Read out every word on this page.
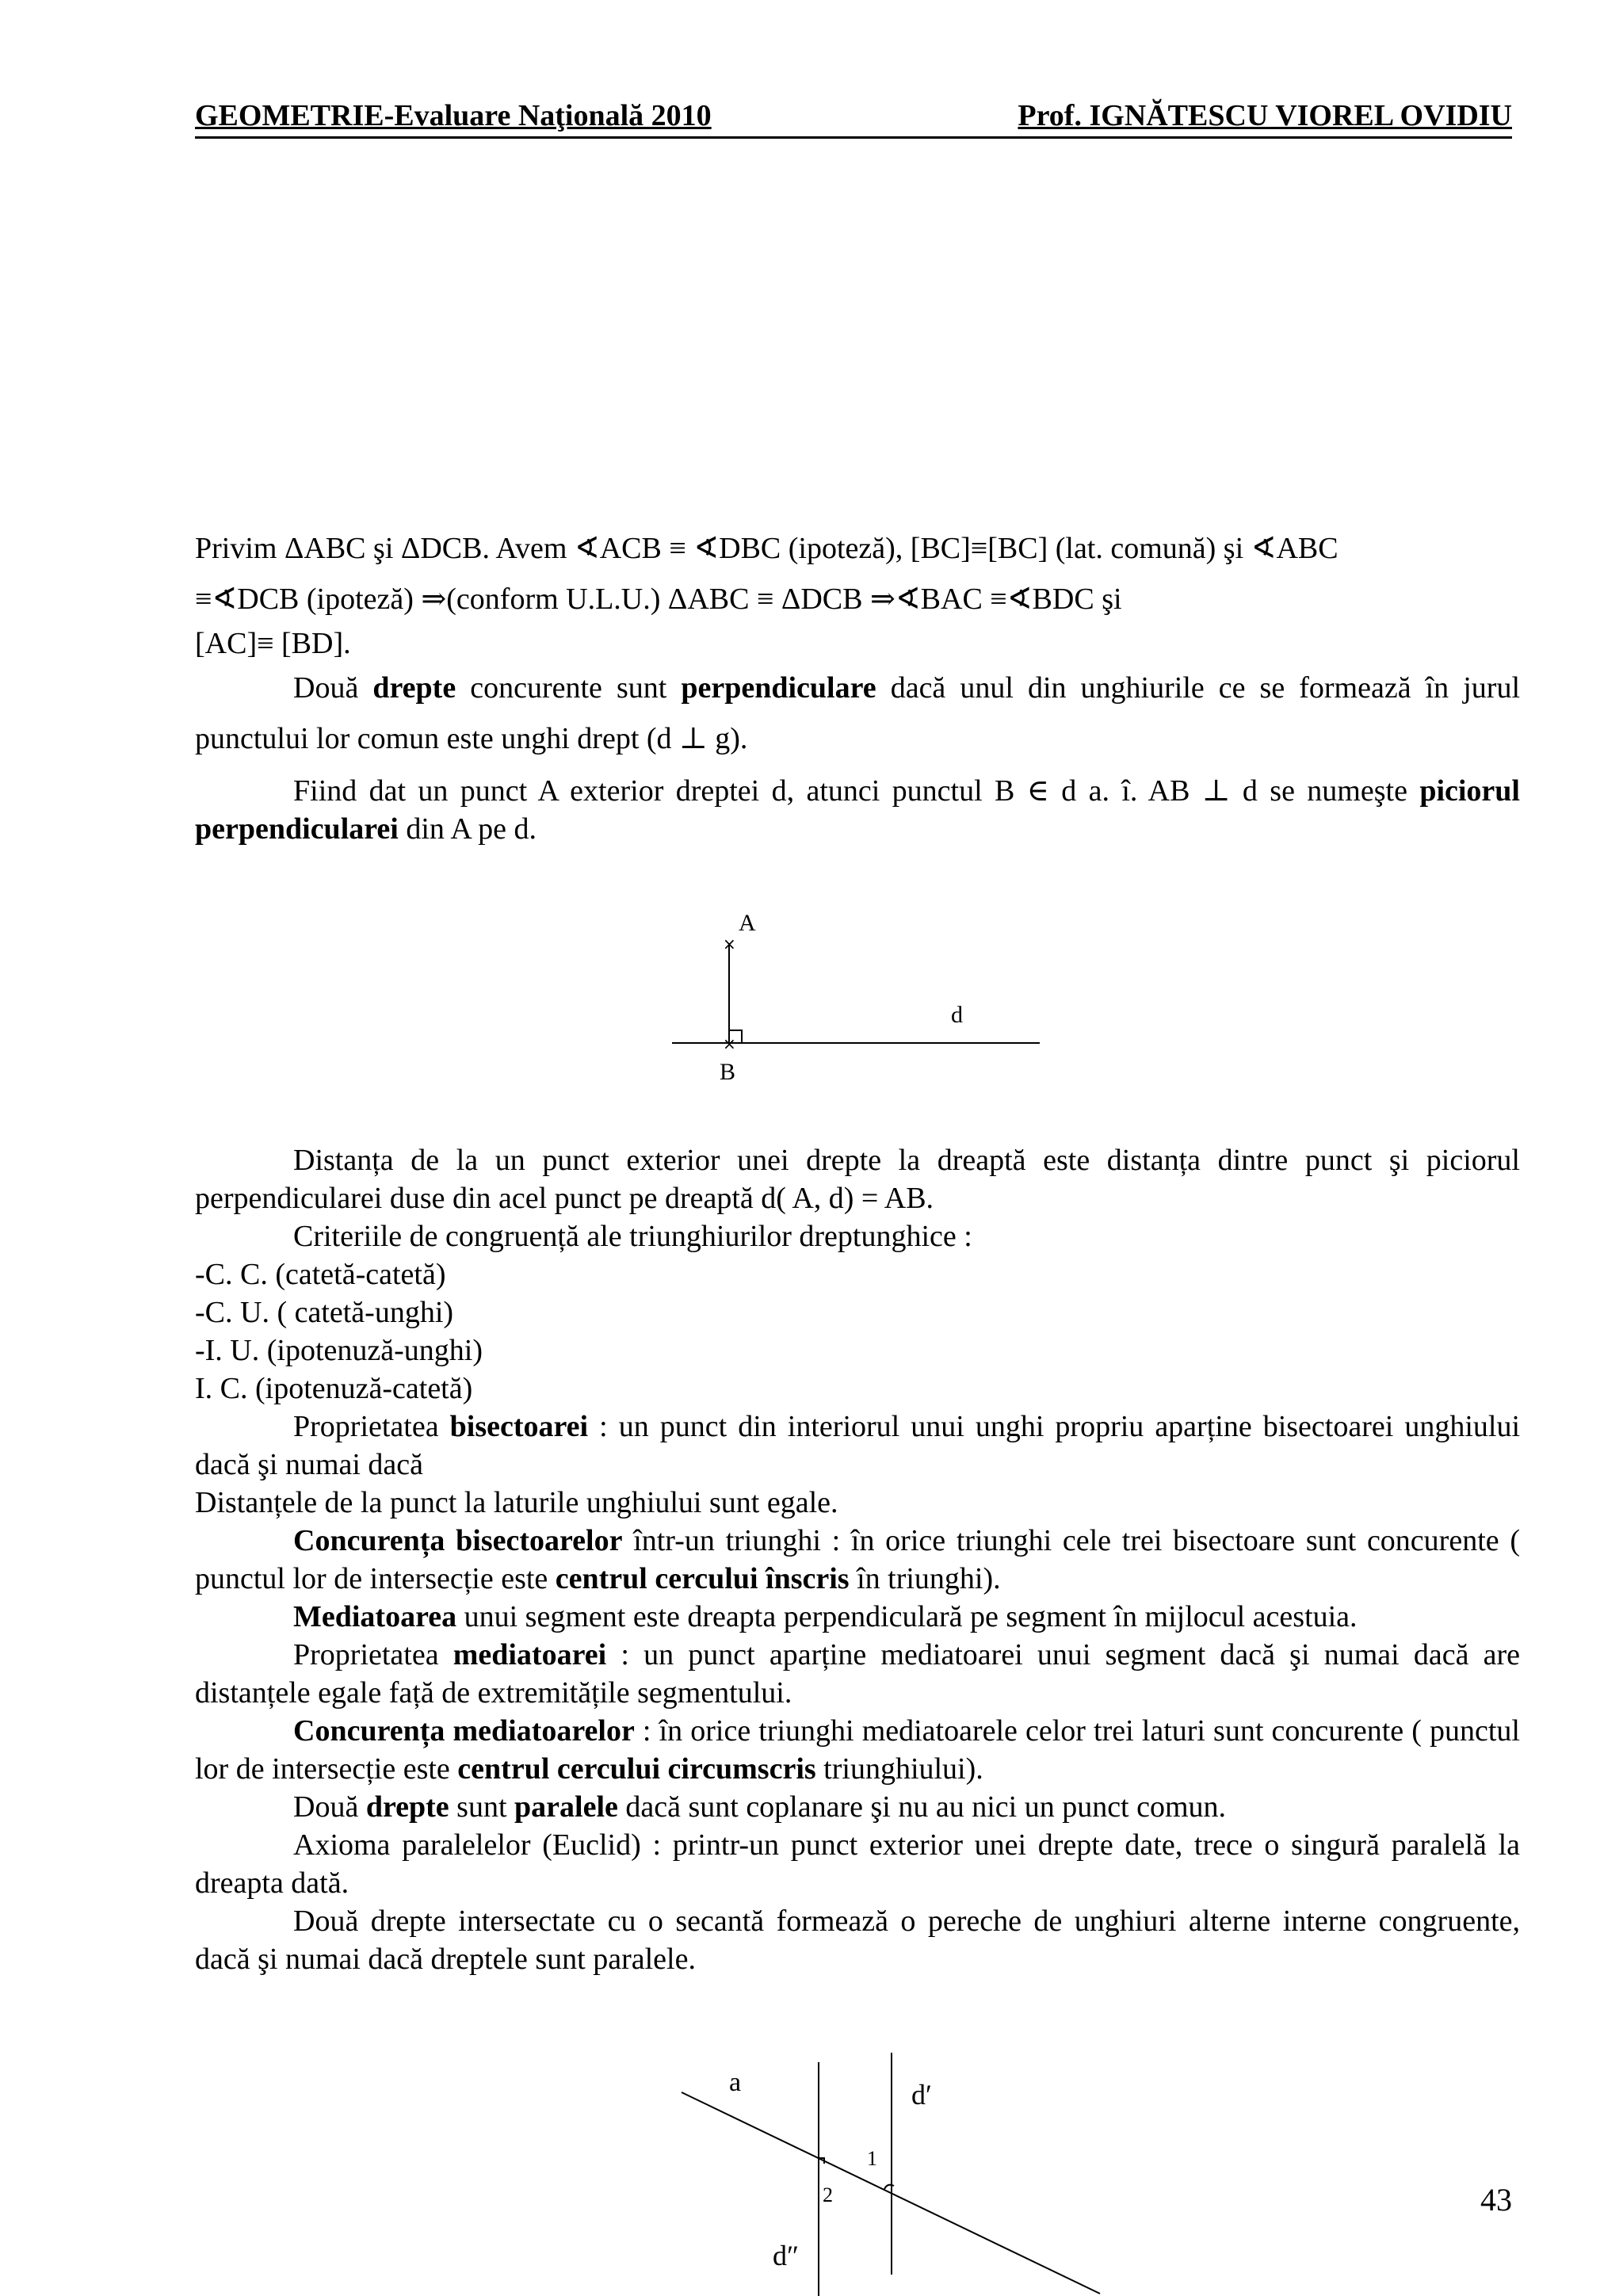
GEOMETRIE-Evaluare Naţională 2010	Prof. IGNĂTESCU VIOREL OVIDIU

Privim ΔABC şi ΔDCB. Avem ∢ACB ≡ ∢DBC (ipoteză), [BC]≡[BC] (lat. comună) şi ∢ABC
≡∢DCB (ipoteză) ⇒(conform U.L.U.) ΔABC ≡ ΔDCB ⇒∢BAC ≡∢BDC şi

[AC]≡ [BD].

Două drepte concurente sunt perpendiculare dacă unul din unghiurile ce se formează în jurul punctului lor comun este unghi drept (d ⊥ g).

Fiind dat un punct A exterior dreptei d, atunci punctul B ∈ d a. î. AB ⊥ d se numeşte piciorul perpendicularei din A pe d.

Distanța de la un punct exterior unei drepte la dreaptă este distanța dintre punct şi piciorul perpendicularei duse din acel punct pe dreaptă d( A, d) = AB.

Criteriile de congruență ale triunghiurilor dreptunghice :

-C. C. (catetă-catetă)

-C. U. ( catetă-unghi)

-I. U. (ipotenuză-unghi)

I. C. (ipotenuză-catetă)

Proprietatea bisectoarei : un punct din interiorul unui unghi propriu aparține bisectoarei unghiului dacă şi numai dacă

Distanțele de la punct la laturile unghiului sunt egale.

Concurența bisectoarelor într-un triunghi : în orice triunghi cele trei bisectoare sunt concurente ( punctul lor de intersecție este centrul cercului înscris în triunghi).

Mediatoarea unui segment este dreapta perpendiculară pe segment în mijlocul acestuia.

Proprietatea mediatoarei : un punct aparține mediatoarei unui segment dacă şi numai dacă are distanțele egale față de extremitățile segmentului.

Concurența mediatoarelor : în orice triunghi mediatoarele celor trei laturi sunt concurente ( punctul lor de intersecție este centrul cercului circumscris triunghiului).

Două drepte sunt paralele dacă sunt coplanare şi nu au nici un punct comun.

Axioma paralelelor (Euclid) : printr-un punct exterior unei drepte date, trece o singură paralelă la dreapta dată.

Două drepte intersectate cu o secantă formează o pereche de unghiuri alterne interne congruente, dacă şi numai dacă dreptele sunt paralele.

×
×
A
B
d
a	d′
d″
1
2	43
